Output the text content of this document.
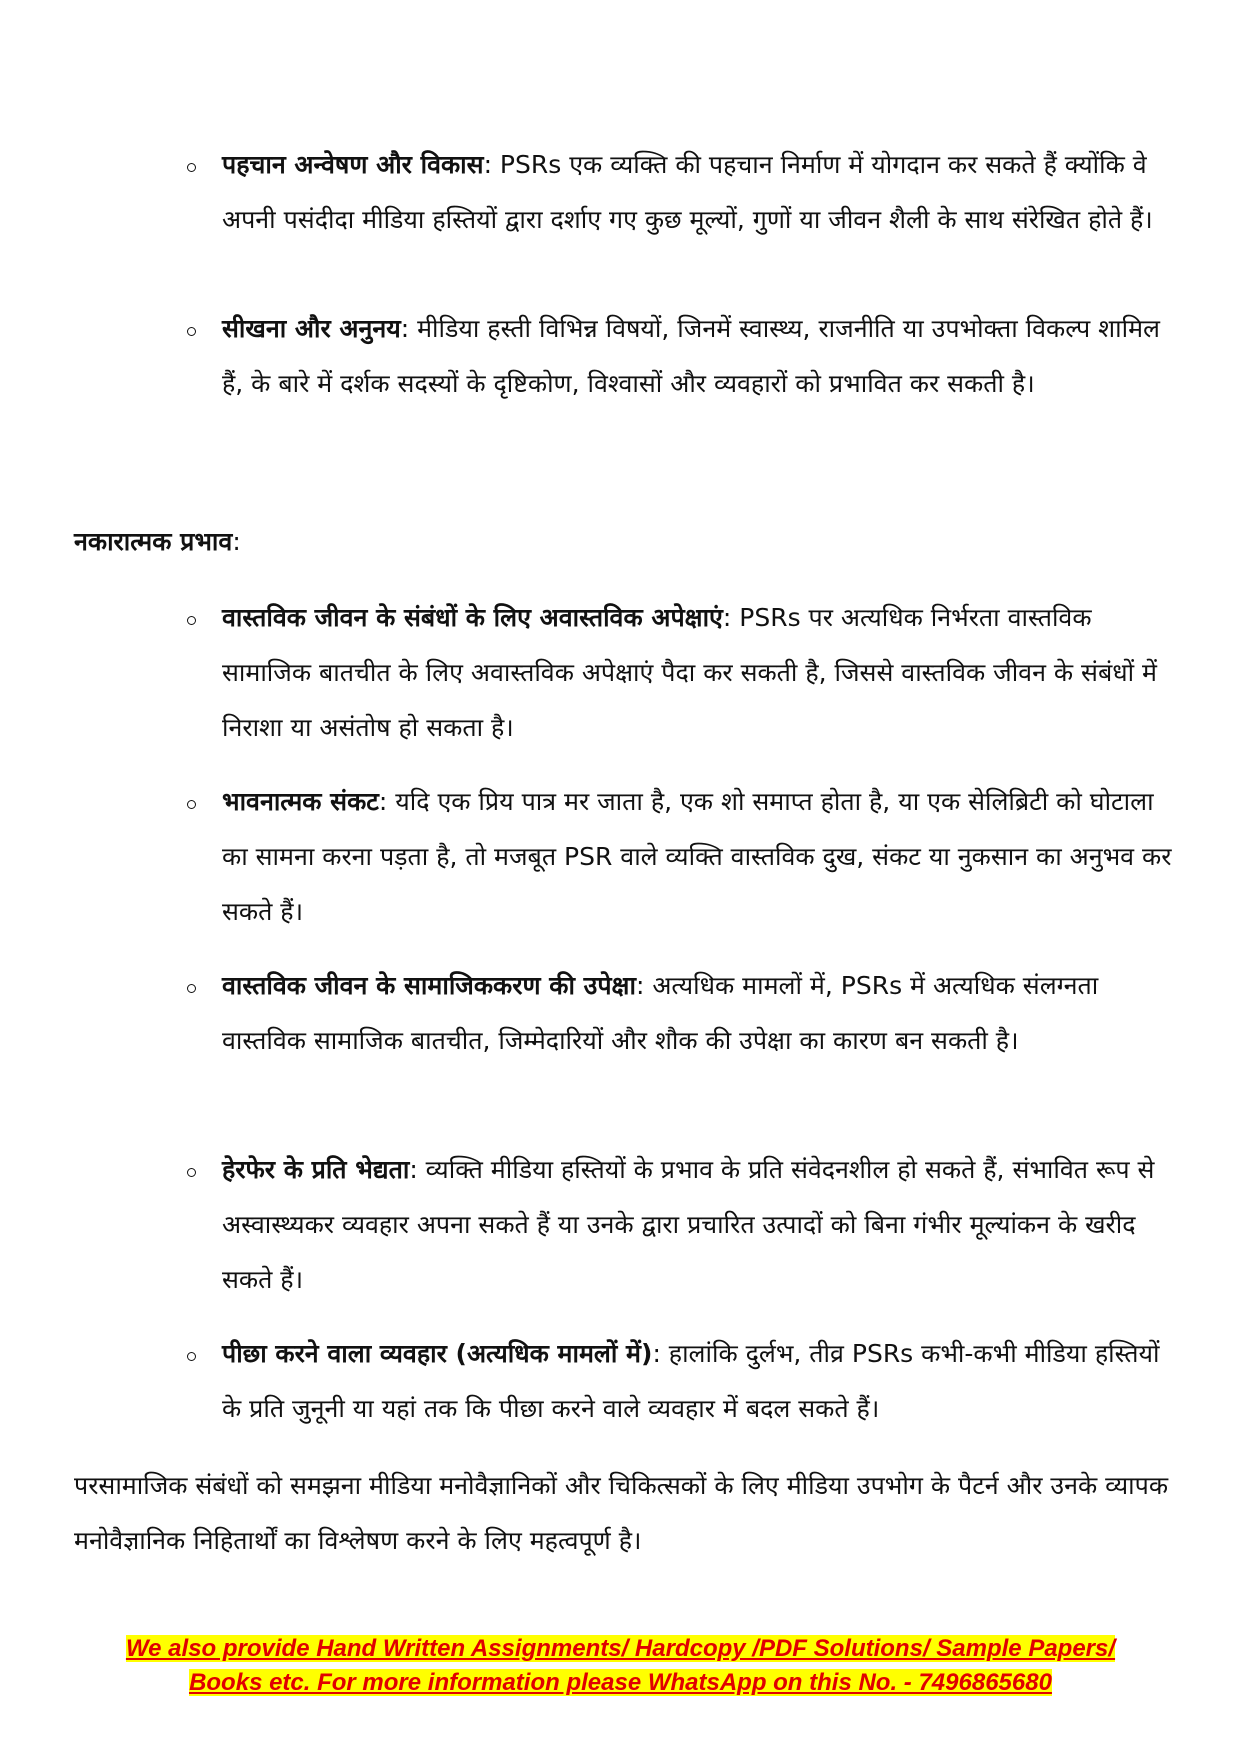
पहचान अन्वेषण और विकास: PSRs एक व्यक्ति की पहचान निर्माण में योगदान कर सकते हैं क्योंकि वे अपनी पसंदीदा मीडिया हस्तियों द्वारा दर्शाए गए कुछ मूल्यों, गुणों या जीवन शैली के साथ संरेखित होते हैं।
सीखना और अनुनय: मीडिया हस्ती विभिन्न विषयों, जिनमें स्वास्थ्य, राजनीति या उपभोक्ता विकल्प शामिल हैं, के बारे में दर्शक सदस्यों के दृष्टिकोण, विश्वासों और व्यवहारों को प्रभावित कर सकती है।
नकारात्मक प्रभाव:
वास्तविक जीवन के संबंधों के लिए अवास्तविक अपेक्षाएं: PSRs पर अत्यधिक निर्भरता वास्तविक सामाजिक बातचीत के लिए अवास्तविक अपेक्षाएं पैदा कर सकती है, जिससे वास्तविक जीवन के संबंधों में निराशा या असंतोष हो सकता है।
भावनात्मक संकट: यदि एक प्रिय पात्र मर जाता है, एक शो समाप्त होता है, या एक सेलिब्रिटी को घोटाला का सामना करना पड़ता है, तो मजबूत PSR वाले व्यक्ति वास्तविक दुख, संकट या नुकसान का अनुभव कर सकते हैं।
वास्तविक जीवन के सामाजिककरण की उपेक्षा: अत्यधिक मामलों में, PSRs में अत्यधिक संलग्नता वास्तविक सामाजिक बातचीत, जिम्मेदारियों और शौक की उपेक्षा का कारण बन सकती है।
हेरफेर के प्रति भेद्यता: व्यक्ति मीडिया हस्तियों के प्रभाव के प्रति संवेदनशील हो सकते हैं, संभावित रूप से अस्वास्थ्यकर व्यवहार अपना सकते हैं या उनके द्वारा प्रचारित उत्पादों को बिना गंभीर मूल्यांकन के खरीद सकते हैं।
पीछा करने वाला व्यवहार (अत्यधिक मामलों में): हालांकि दुर्लभ, तीव्र PSRs कभी-कभी मीडिया हस्तियों के प्रति जुनूनी या यहां तक कि पीछा करने वाले व्यवहार में बदल सकते हैं।
परसामाजिक संबंधों को समझना मीडिया मनोवैज्ञानिकों और चिकित्सकों के लिए मीडिया उपभोग के पैटर्न और उनके व्यापक मनोवैज्ञानिक निहितार्थों का विश्लेषण करने के लिए महत्वपूर्ण है।
We also provide Hand Written Assignments/ Hardcopy /PDF Solutions/ Sample Papers/
Books etc. For more information please WhatsApp on this No. - 7496865680
